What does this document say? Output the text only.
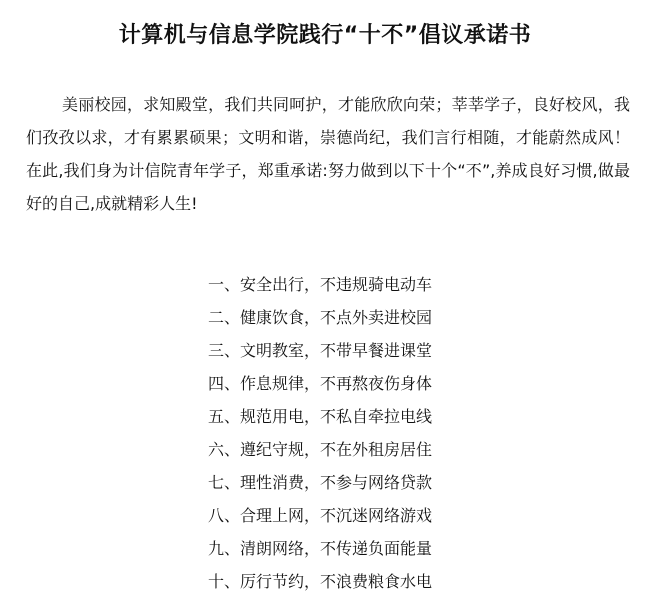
计算机与信息学院践行“十不”倡议承诺书
美丽校园，求知殿堂，我们共同呵护，才能欣欣向荣；莘莘学子，良好校风，我们孜孜以求，才有累累硕果；文明和谐，崇德尚纪，我们言行相随，才能蔚然成风！在此,我们身为计信院青年学子，郑重承诺:努力做到以下十个“不”,养成良好习惯,做最好的自己,成就精彩人生!
一、安全出行，不违规骑电动车
二、健康饮食，不点外卖进校园
三、文明教室，不带早餐进课堂
四、作息规律，不再熬夜伤身体
五、规范用电，不私自牵拉电线
六、遵纪守规，不在外租房居住
七、理性消费，不参与网络贷款
八、合理上网，不沉迷网络游戏
九、清朗网络，不传递负面能量
十、厉行节约，不浪费粮食水电
